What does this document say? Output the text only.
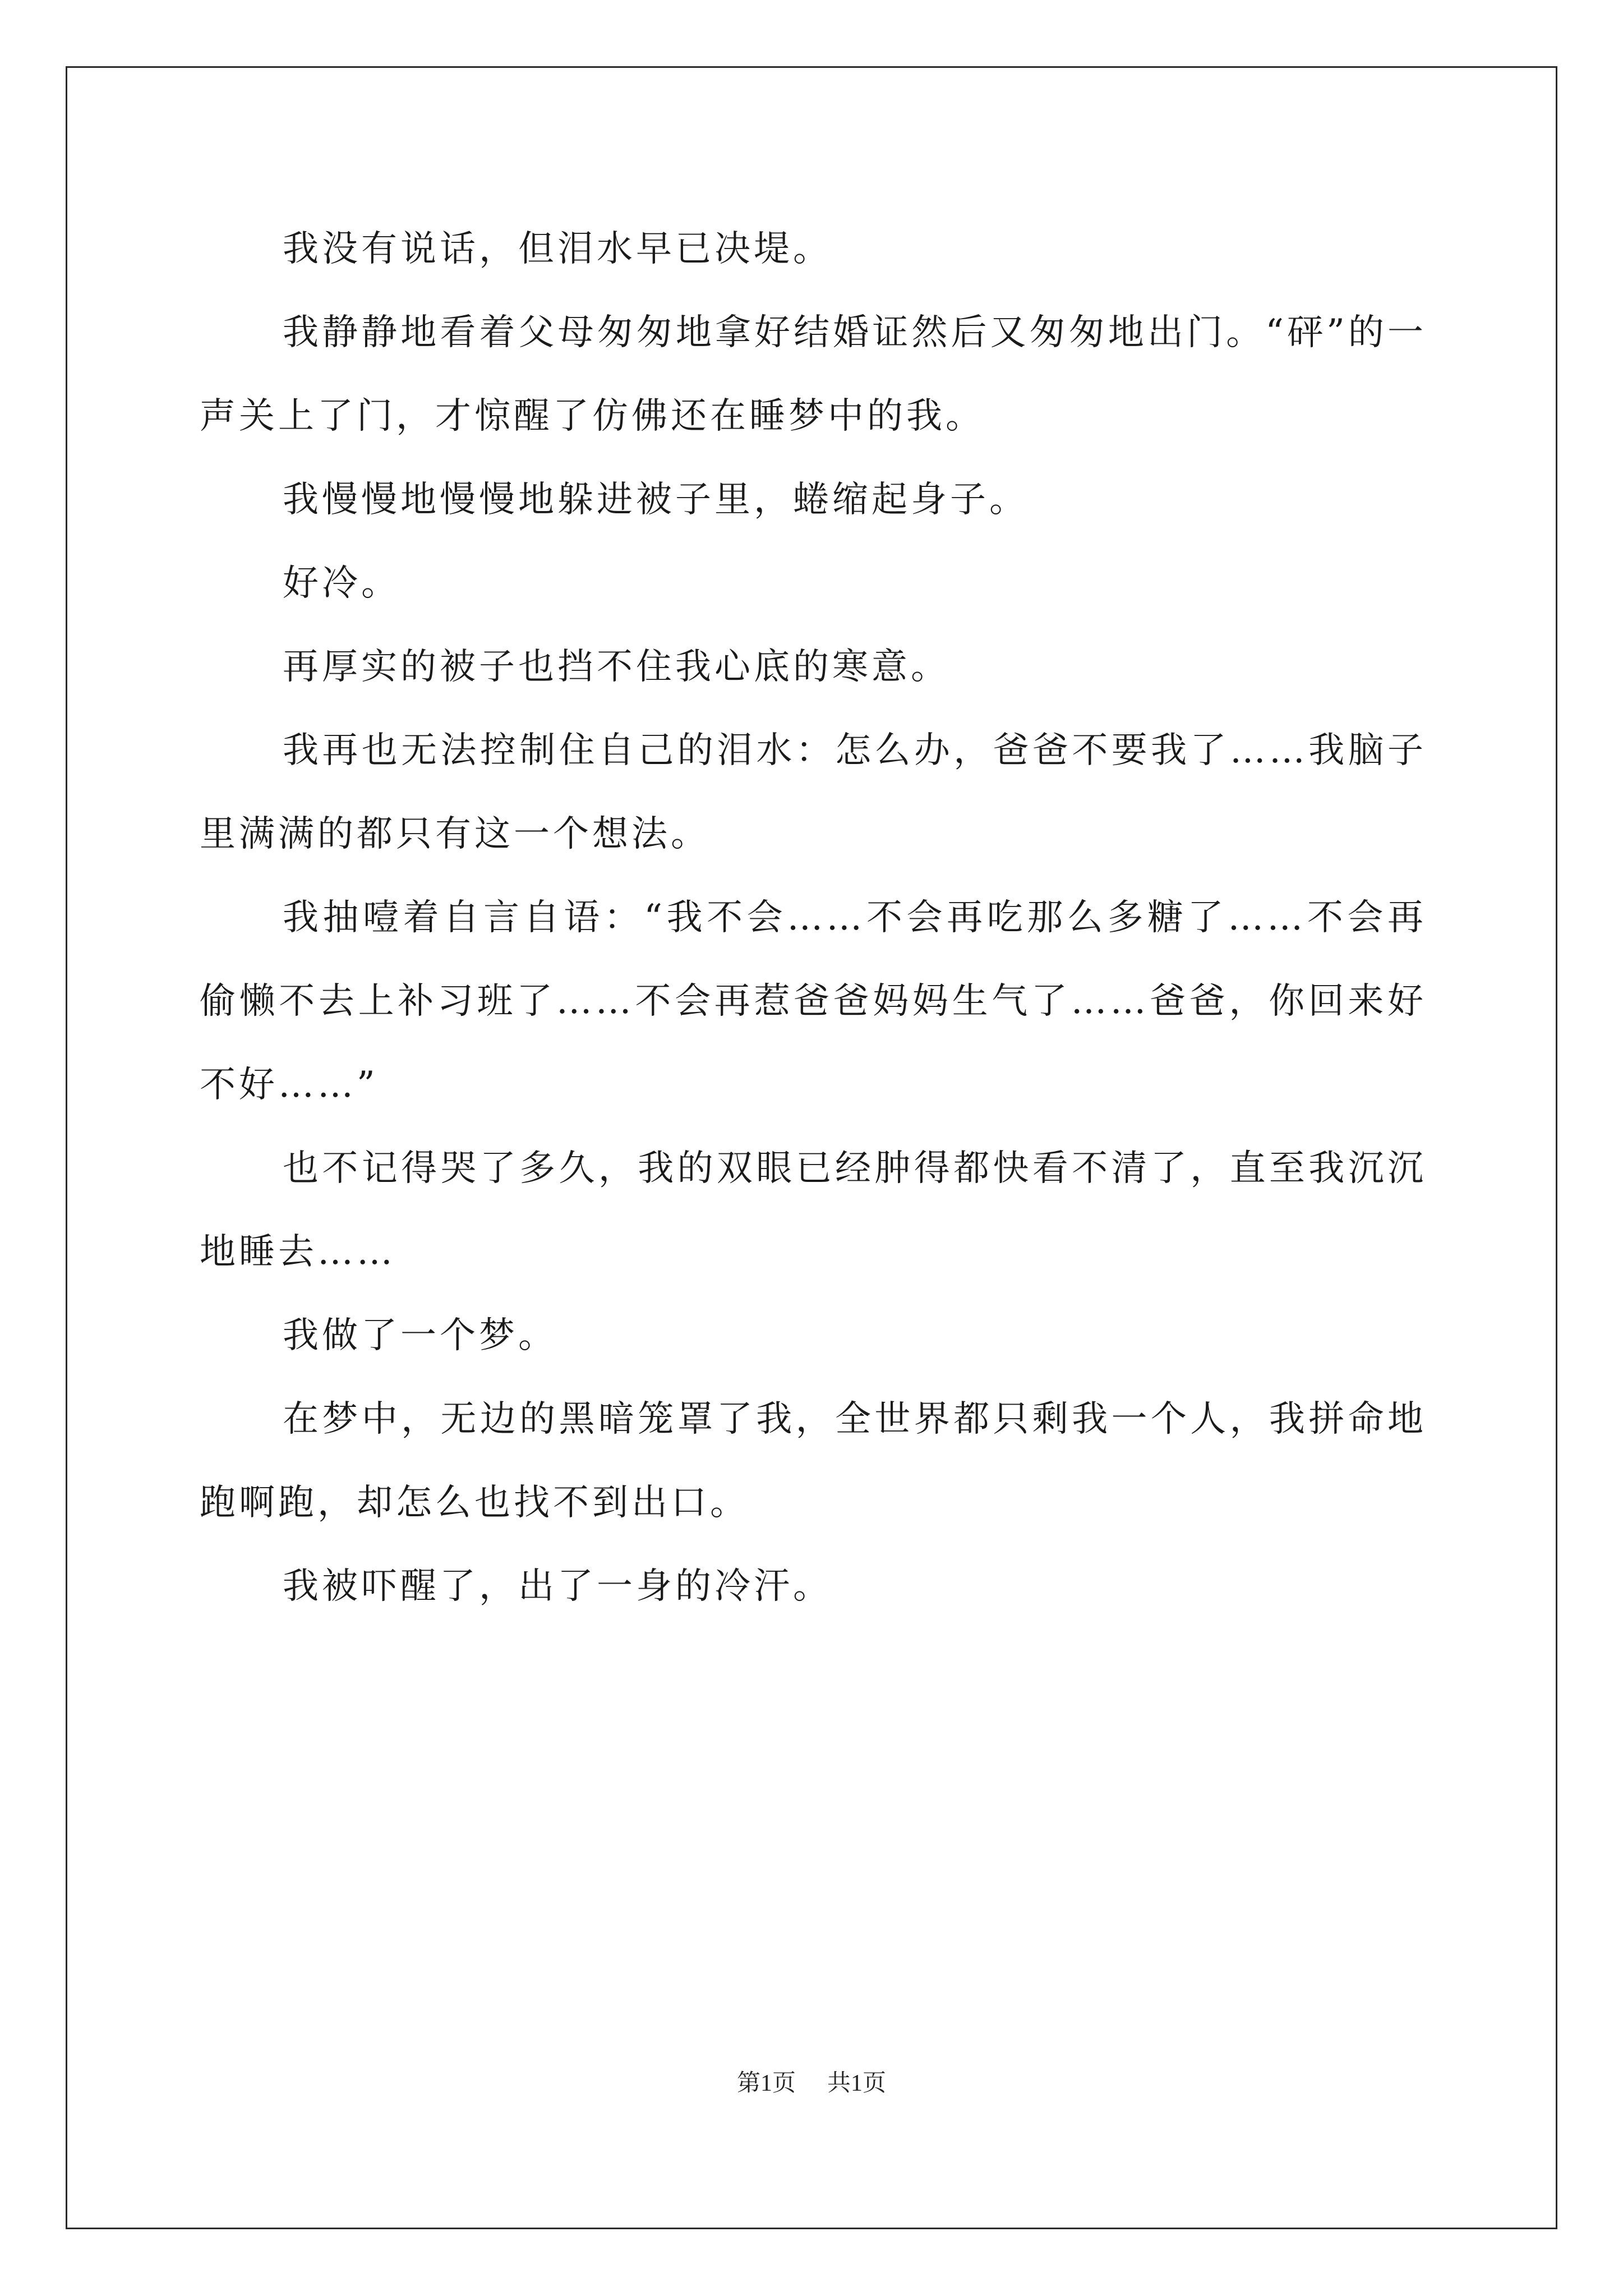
我没有说话，但泪水早已决堤。

我静静地看着父母匆匆地拿好结婚证然后又匆匆地出门。“砰”的一声关上了门，才惊醒了仿佛还在睡梦中的我。

我慢慢地慢慢地躲进被子里，蜷缩起身子。

好冷。

再厚实的被子也挡不住我心底的寒意。

我再也无法控制住自己的泪水：怎么办，爸爸不要我了……我脑子里满满的都只有这一个想法。

我抽噎着自言自语：“我不会……不会再吃那么多糖了……不会再偷懒不去上补习班了……不会再惹爸爸妈妈生气了……爸爸，你回来好不好……”

也不记得哭了多久，我的双眼已经肿得都快看不清了，直至我沉沉地睡去……

我做了一个梦。

在梦中，无边的黑暗笼罩了我，全世界都只剩我一个人，我拼命地跑啊跑，却怎么也找不到出口。

我被吓醒了，出了一身的冷汗。

第1页 共1页
